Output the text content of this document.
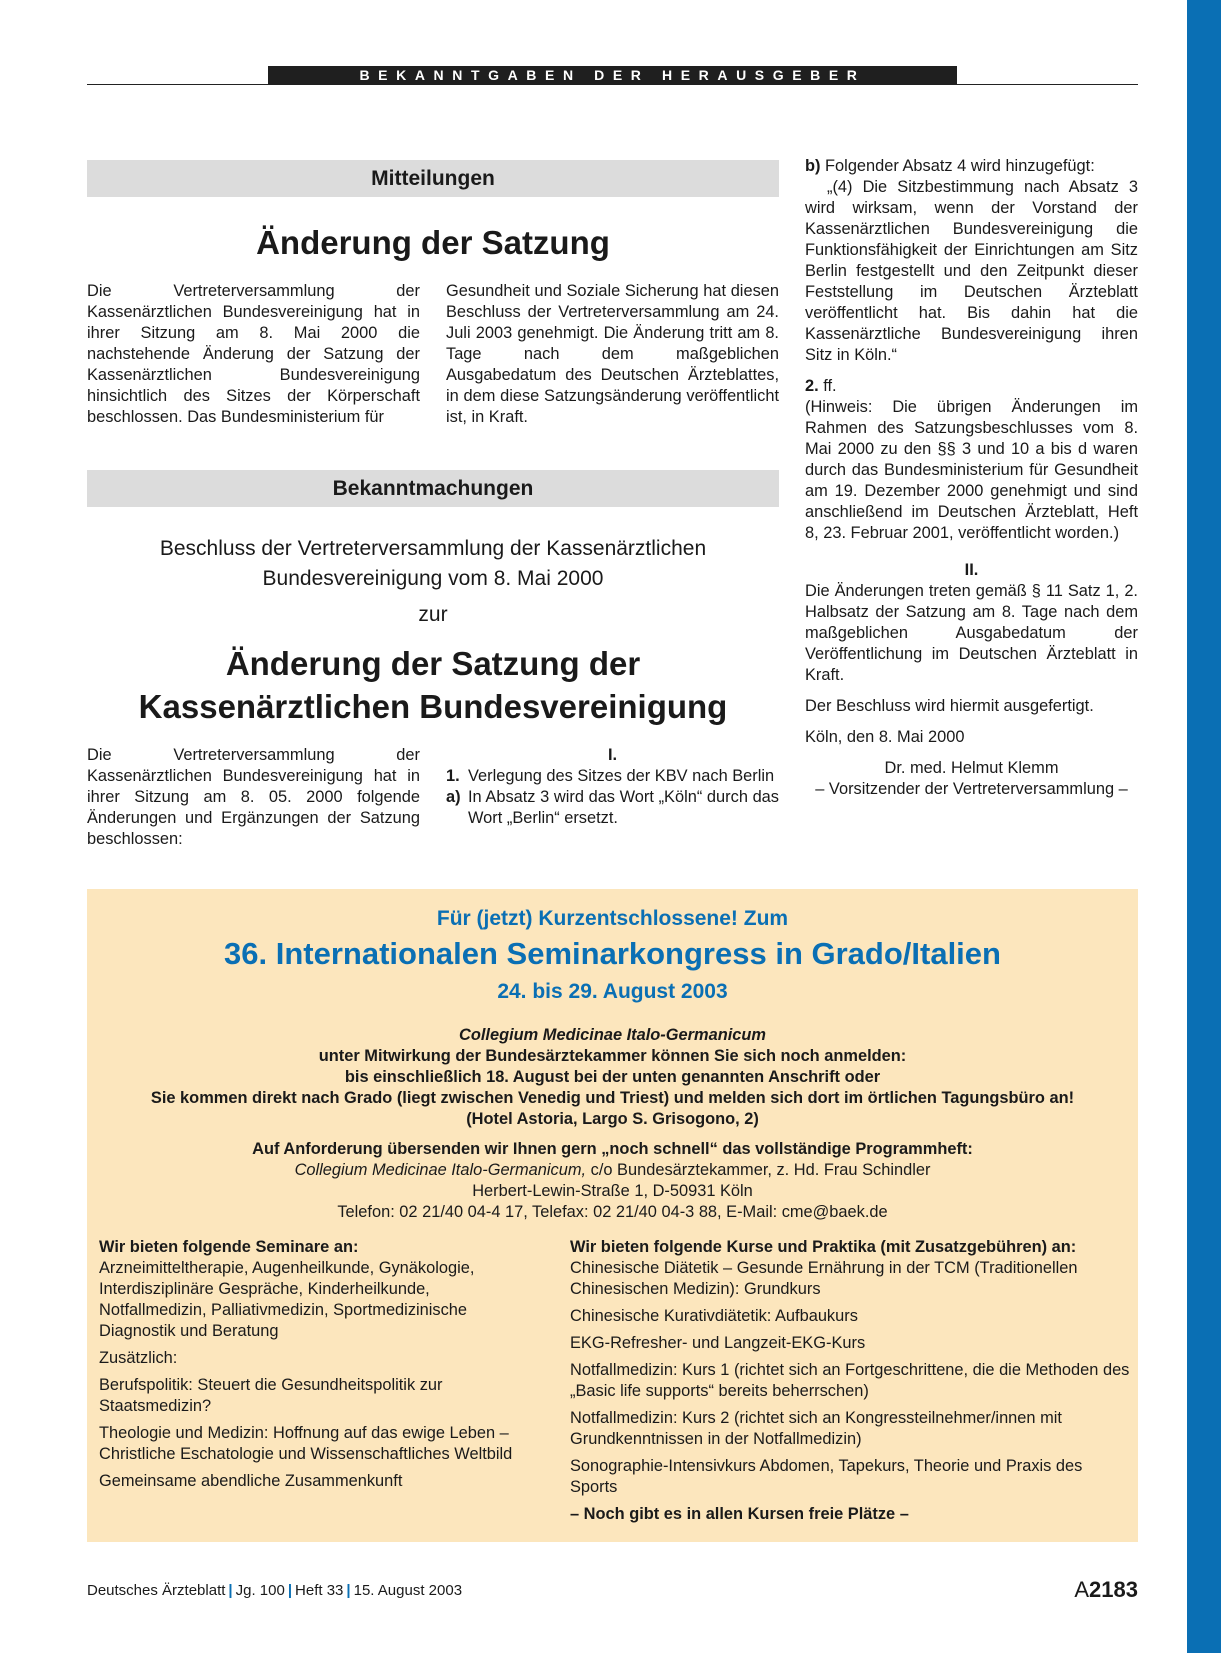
BEKANNTGABEN DER HERAUSGEBER
Mitteilungen
Änderung der Satzung
Die Vertreterversammlung der Kassenärztlichen Bundesvereinigung hat in ihrer Sitzung am 8. Mai 2000 die nachstehende Änderung der Satzung der Kassenärztlichen Bundesvereinigung hinsichtlich des Sitzes der Körperschaft beschlossen. Das Bundesministerium für
Gesundheit und Soziale Sicherung hat diesen Beschluss der Vertreterversammlung am 24. Juli 2003 genehmigt. Die Änderung tritt am 8. Tage nach dem maßgeblichen Ausgabedatum des Deutschen Ärzteblattes, in dem diese Satzungsänderung veröffentlicht ist, in Kraft.
Bekanntmachungen
Beschluss der Vertreterversammlung der Kassenärztlichen
Bundesvereinigung vom 8. Mai 2000
zur
Änderung der Satzung der
Kassenärztlichen Bundesvereinigung
Die Vertreterversammlung der Kassenärztlichen Bundesvereinigung hat in ihrer Sitzung am 8. 05. 2000 folgende Änderungen und Ergänzungen der Satzung beschlossen:
I.
1. Verlegung des Sitzes der KBV nach Berlin
a) In Absatz 3 wird das Wort „Köln“ durch das Wort „Berlin“ ersetzt.
b) Folgender Absatz 4 wird hinzugefügt:
„(4) Die Sitzbestimmung nach Absatz 3 wird wirksam, wenn der Vorstand der Kassenärztlichen Bundesvereinigung die Funktionsfähigkeit der Einrichtungen am Sitz Berlin festgestellt und den Zeitpunkt dieser Feststellung im Deutschen Ärzteblatt veröffentlicht hat. Bis dahin hat die Kassenärztliche Bundesvereinigung ihren Sitz in Köln.“
2. ff.
(Hinweis: Die übrigen Änderungen im Rahmen des Satzungsbeschlusses vom 8. Mai 2000 zu den §§ 3 und 10 a bis d waren durch das Bundesministerium für Gesundheit am 19. Dezember 2000 genehmigt und sind anschließend im Deutschen Ärzteblatt, Heft 8, 23. Februar 2001, veröffentlicht worden.)
II.
Die Änderungen treten gemäß § 11 Satz 1, 2. Halbsatz der Satzung am 8. Tage nach dem maßgeblichen Ausgabedatum der Veröffentlichung im Deutschen Ärzteblatt in Kraft.
Der Beschluss wird hiermit ausgefertigt.
Köln, den 8. Mai 2000
Dr. med. Helmut Klemm
– Vorsitzender der Vertreterversammlung –
Für (jetzt) Kurzentschlossene! Zum
36. Internationalen Seminarkongress in Grado/Italien
24. bis 29. August 2003
Collegium Medicinae Italo-Germanicum
unter Mitwirkung der Bundesärztekammer können Sie sich noch anmelden:
bis einschließlich 18. August bei der unten genannten Anschrift oder
Sie kommen direkt nach Grado (liegt zwischen Venedig und Triest) und melden sich dort im örtlichen Tagungsbüro an!
(Hotel Astoria, Largo S. Grisogono, 2)
Auf Anforderung übersenden wir Ihnen gern „noch schnell“ das vollständige Programmheft:
Collegium Medicinae Italo-Germanicum, c/o Bundesärztekammer, z. Hd. Frau Schindler
Herbert-Lewin-Straße 1, D-50931 Köln
Telefon: 02 21/40 04-4 17, Telefax: 02 21/40 04-3 88, E-Mail: cme@baek.de
Wir bieten folgende Seminare an:

Arzneimitteltherapie, Augenheilkunde, Gynäkologie, Interdisziplinäre Gespräche, Kinderheilkunde, Notfallmedizin, Palliativmedizin, Sportmedizinische Diagnostik und Beratung

Zusätzlich:

Berufspolitik: Steuert die Gesundheitspolitik zur Staatsmedizin?

Theologie und Medizin: Hoffnung auf das ewige Leben – Christliche Eschatologie und Wissenschaftliches Weltbild

Gemeinsame abendliche Zusammenkunft

Wir bieten folgende Kurse und Praktika (mit Zusatzgebühren) an:

Chinesische Diätetik – Gesunde Ernährung in der TCM (Traditionellen Chinesischen Medizin): Grundkurs

Chinesische Kurativdiätetik: Aufbaukurs

EKG-Refresher- und Langzeit-EKG-Kurs

Notfallmedizin: Kurs 1 (richtet sich an Fortgeschrittene, die die Methoden des „Basic life supports“ bereits beherrschen)

Notfallmedizin: Kurs 2 (richtet sich an Kongressteilnehmer/innen mit Grundkenntnissen in der Notfallmedizin)

Sonographie-Intensivkurs Abdomen, Tapekurs, Theorie und Praxis des Sports

– Noch gibt es in allen Kursen freie Plätze –
Deutsches Ärzteblatt | Jg. 100 | Heft 33 | 15. August 2003	A2183
